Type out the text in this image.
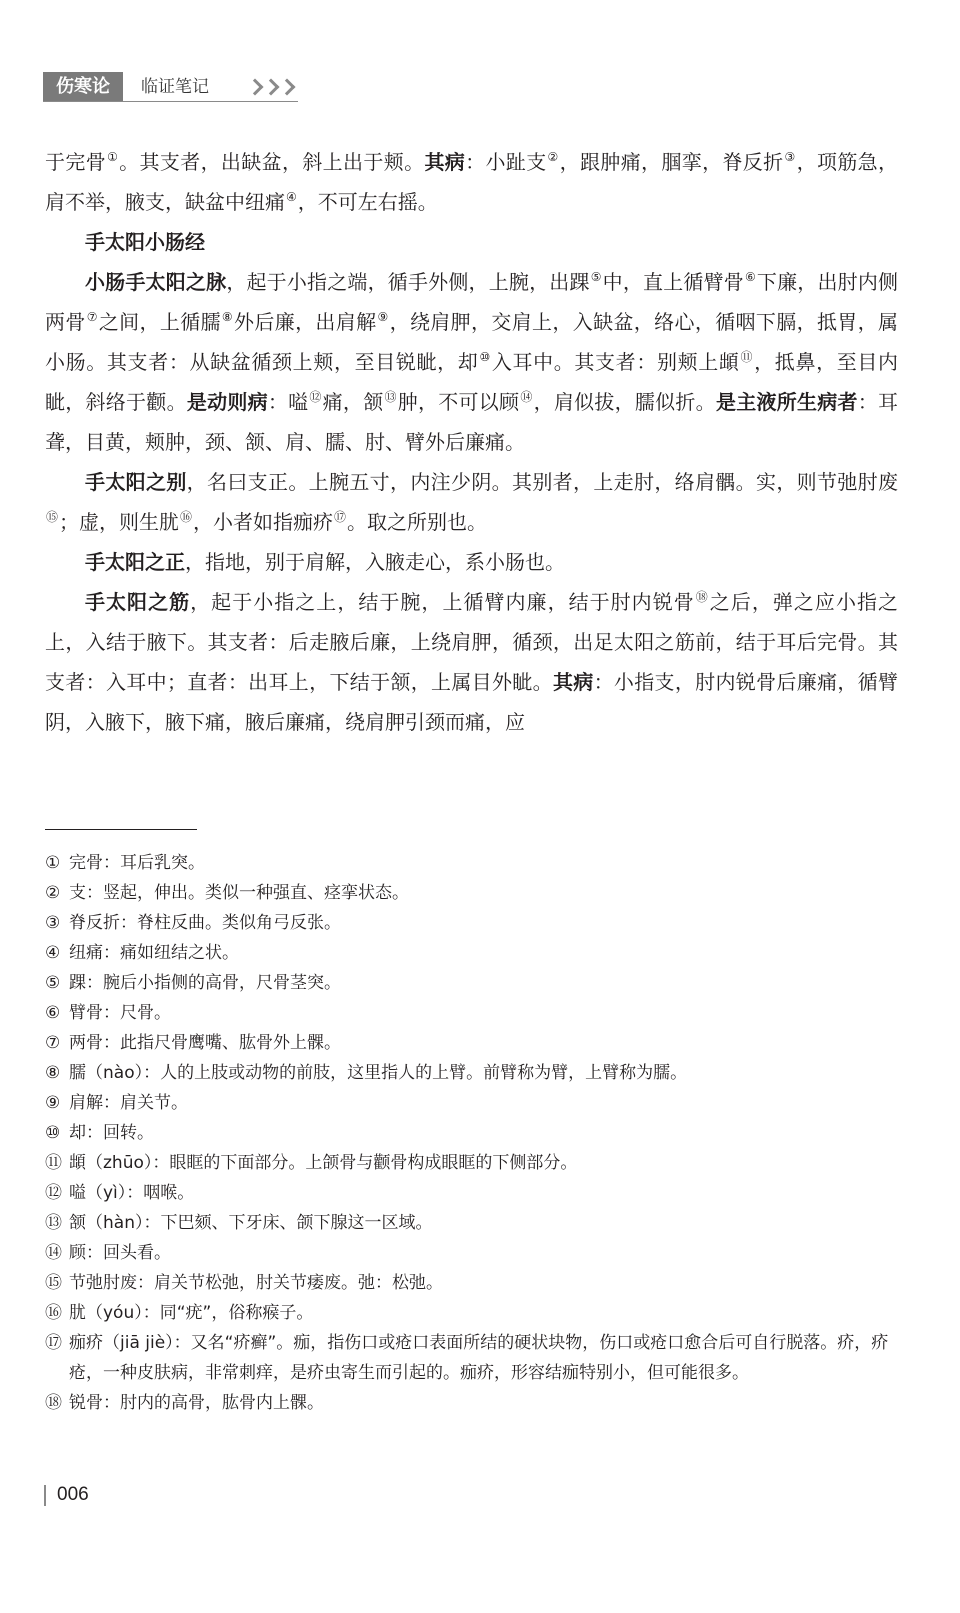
伤寒论	临证笔记

于完骨①。其支者，出缺盆，斜上出于颊。其病：小趾支②，跟肿痛，腘挛，脊反折③，项筋急，肩不举，腋支，缺盆中纽痛④，不可左右摇。

手太阳小肠经

小肠手太阳之脉，起于小指之端，循手外侧，上腕，出踝⑤中，直上循臂骨⑥下廉，出肘内侧两骨⑦之间，上循臑⑧外后廉，出肩解⑨，绕肩胛，交肩上，入缺盆，络心，循咽下膈，抵胃，属小肠。其支者：从缺盆循颈上颊，至目锐眦，却⑩入耳中。其支者：别颊上䪼⑪，抵鼻，至目内眦，斜络于颧。是动则病：嗌⑫痛，颔⑬肿，不可以顾⑭，肩似拔，臑似折。是主液所生病者：耳聋，目黄，颊肿，颈、颔、肩、臑、肘、臂外后廉痛。

手太阳之别，名曰支正。上腕五寸，内注少阴。其别者，上走肘，络肩髃。实，则节弛肘废⑮；虚，则生肬⑯，小者如指痂疥⑰。取之所别也。

手太阳之正，指地，别于肩解，入腋走心，系小肠也。

手太阳之筋，起于小指之上，结于腕，上循臂内廉，结于肘内锐骨⑱之后，弹之应小指之上，入结于腋下。其支者：后走腋后廉，上绕肩胛，循颈，出足太阳之筋前，结于耳后完骨。其支者：入耳中；直者：出耳上，下结于颔，上属目外眦。其病：小指支，肘内锐骨后廉痛，循臂阴，入腋下，腋下痛，腋后廉痛，绕肩胛引颈而痛，应

① 完骨：耳后乳突。
② 支：竖起，伸出。类似一种强直、痉挛状态。
③ 脊反折：脊柱反曲。类似角弓反张。
④ 纽痛：痛如纽结之状。
⑤ 踝：腕后小指侧的高骨，尺骨茎突。
⑥ 臂骨：尺骨。
⑦ 两骨：此指尺骨鹰嘴、肱骨外上髁。
⑧ 臑（nào）：人的上肢或动物的前肢，这里指人的上臂。前臂称为臂，上臂称为臑。
⑨ 肩解：肩关节。
⑩ 却：回转。
⑪ 䪼（zhūo）：眼眶的下面部分。上颌骨与颧骨构成眼眶的下侧部分。
⑫ 嗌（yì）：咽喉。
⑬ 颔（hàn）：下巴颏、下牙床、颌下腺这一区域。
⑭ 顾：回头看。
⑮ 节弛肘废：肩关节松弛，肘关节痿废。弛：松弛。
⑯ 肬（yóu）：同“疣”，俗称瘊子。
⑰ 痂疥（jiā jiè）：又名“疥癣”。痂，指伤口或疮口表面所结的硬状块物，伤口或疮口愈合后可自行脱落。疥，疥疮，一种皮肤病，非常刺痒，是疥虫寄生而引起的。痂疥，形容结痂特别小，但可能很多。
⑱ 锐骨：肘内的高骨，肱骨内上髁。
006
